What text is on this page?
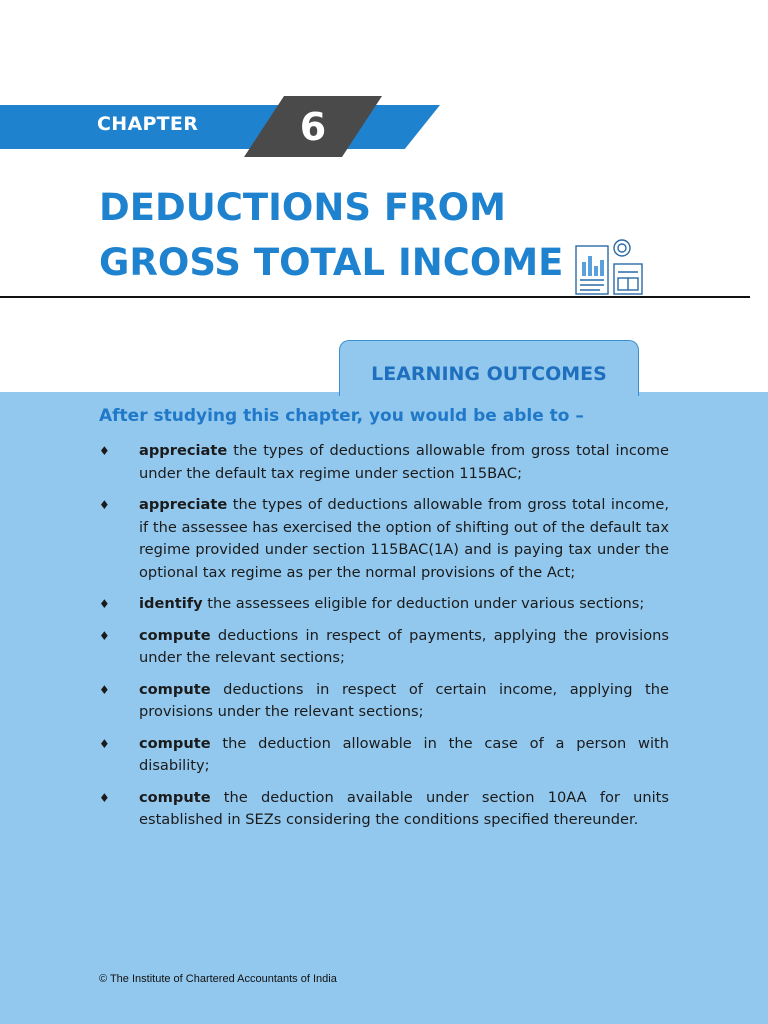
CHAPTER	6
DEDUCTIONS FROM
GROSS TOTAL INCOME
LEARNING OUTCOMES
After studying this chapter, you would be able to –
♦ appreciate the types of deductions allowable from gross total income under the default tax regime under section 115BAC;
♦ appreciate the types of deductions allowable from gross total income, if the assessee has exercised the option of shifting out of the default tax regime provided under section 115BAC(1A) and is paying tax under the optional tax regime as per the normal provisions of the Act;
♦ identify the assessees eligible for deduction under various sections;
♦ compute deductions in respect of payments, applying the provisions under the relevant sections;
♦ compute deductions in respect of certain income, applying the provisions under the relevant sections;
♦ compute the deduction allowable in the case of a person with disability;
♦ compute the deduction available under section 10AA for units established in SEZs considering the conditions specified thereunder.
© The Institute of Chartered Accountants of India
